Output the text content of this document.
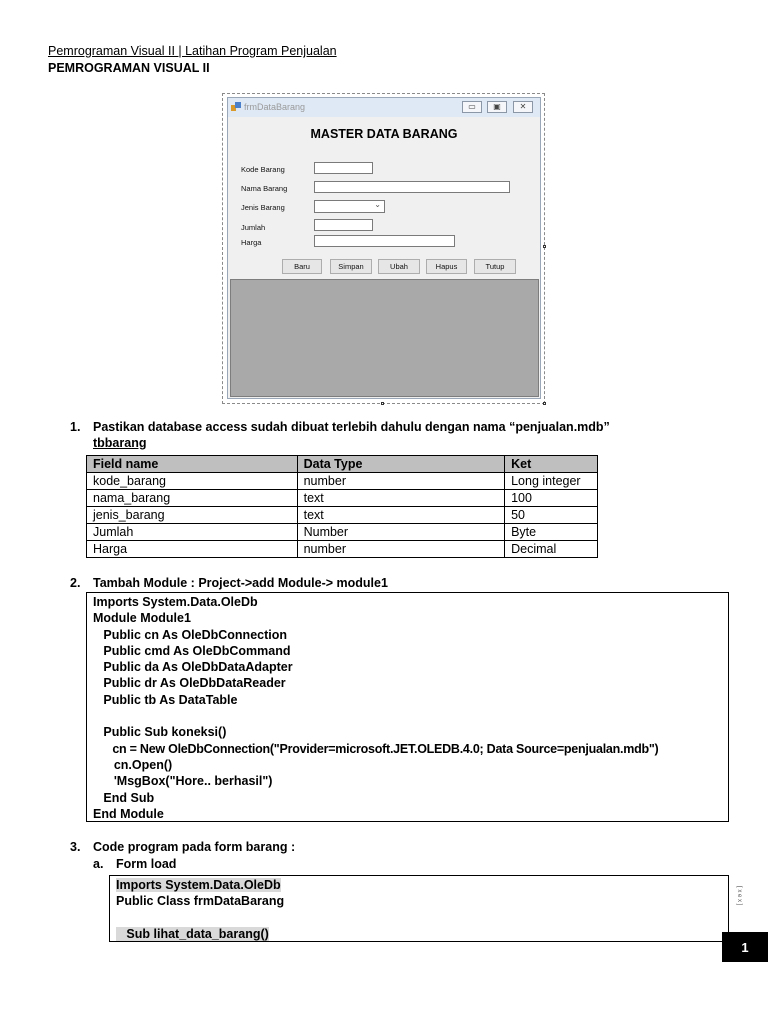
Pemrograman Visual II | Latihan Program Penjualan
PEMROGRAMAN VISUAL II
frmDataBarang	▭	▣	✕
MASTER DATA BARANG
Kode Barang
Nama Barang
Jenis Barang
Jumlah
Harga
⌄
Baru	Simpan	Ubah	Hapus	Tutup
1. Pastikan database access sudah dibuat terlebih dahulu dengan nama “penjualan.mdb”
tbbarang
Field name	Data Type	Ket
kode_barang	number	Long integer
nama_barang	text	100
jenis_barang	text	50
Jumlah	Number	Byte
Harga	number	Decimal
2. Tambah Module : Project->add Module-> module1
Imports System.Data.OleDb
Module Module1
Public cn As OleDbConnection
Public cmd As OleDbCommand
Public da As OleDbDataAdapter
Public dr As OleDbDataReader
Public tb As DataTable
Public Sub koneksi()
cn = New OleDbConnection("Provider=microsoft.JET.OLEDB.4.0; Data Source=penjualan.mdb")
cn.Open()
'MsgBox("Hore.. berhasil")
End Sub
End Module
3. Code program pada form barang :
a. Form load
Imports System.Data.OleDb
Public Class frmDataBarang
Sub lihat_data_barang()
[ x e x ]
1
